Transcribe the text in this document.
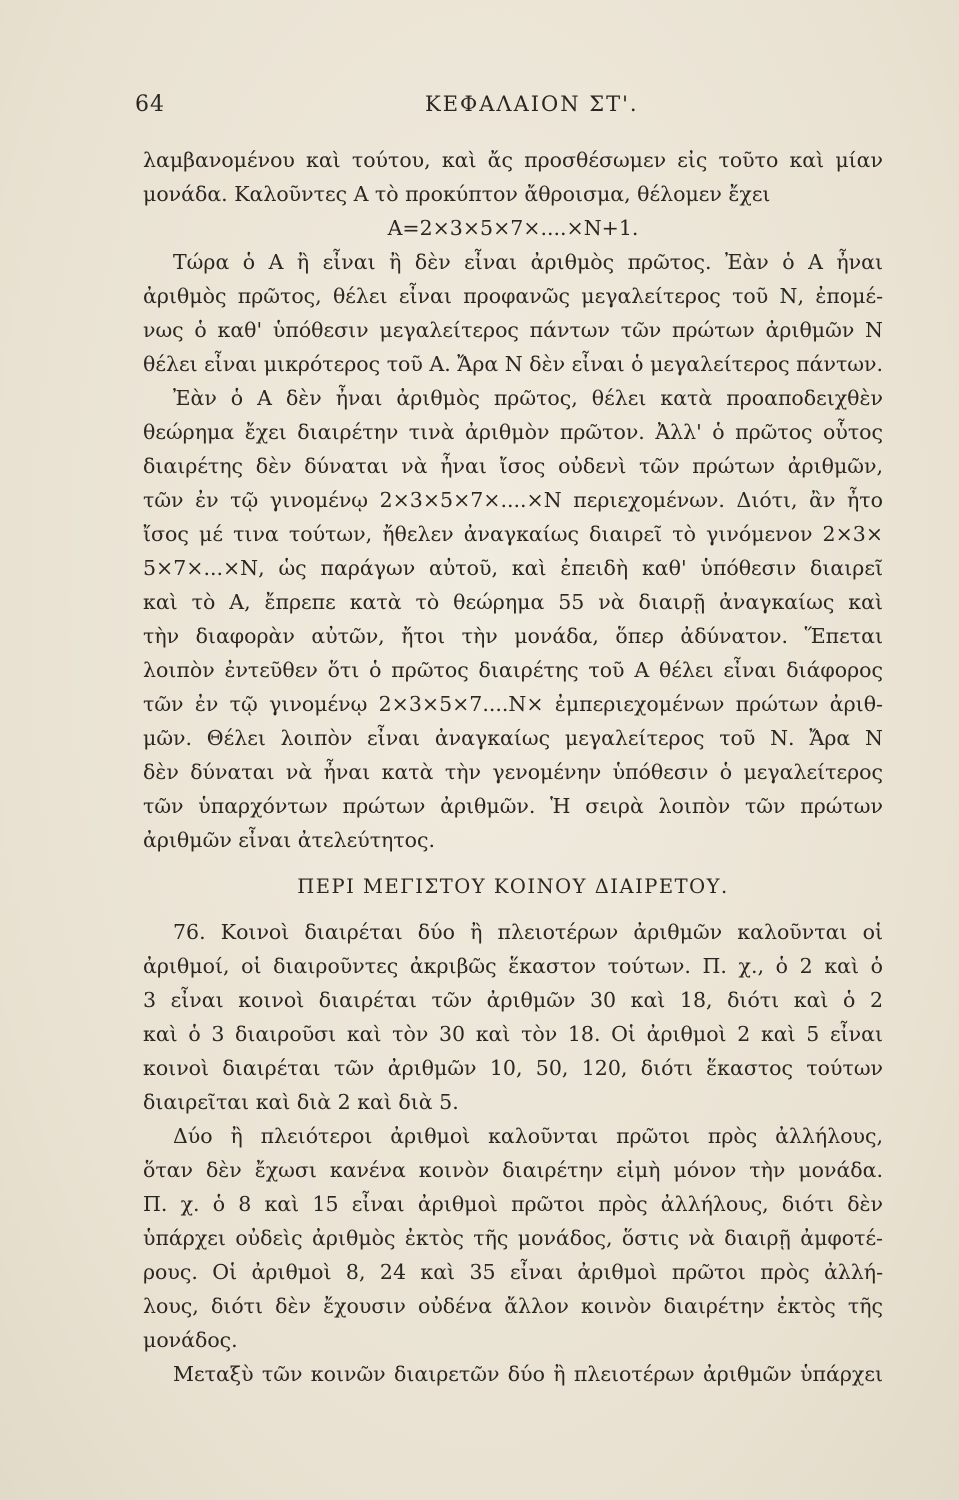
64	ΚΕΦΑΛΑΙΟΝ ΣΤ'.
λαμβανομένου καὶ τούτου, καὶ ἄς προσθέσωμεν εἰς τοῦτο καὶ μίαν
μονάδα. Καλοῦντες Α τὸ προκύπτον ἄθροισμα, θέλομεν ἔχει
Α=2×3×5×7×....×Ν+1.
Τώρα ὁ Α ἢ εἶναι ἢ δὲν εἶναι ἀριθμὸς πρῶτος. Ἐὰν ὁ Α ἦναι
ἀριθμὸς πρῶτος, θέλει εἶναι προφανῶς μεγαλείτερος τοῦ Ν, ἐπομέ-
νως ὁ καθ' ὑπόθεσιν μεγαλείτερος πάντων τῶν πρώτων ἀριθμῶν Ν
θέλει εἶναι μικρότερος τοῦ Α. Ἄρα Ν δὲν εἶναι ὁ μεγαλείτερος πάντων.
Ἐὰν ὁ Α δὲν ἦναι ἀριθμὸς πρῶτος, θέλει κατὰ προαποδειχθὲν
θεώρημα ἔχει διαιρέτην τινὰ ἀριθμὸν πρῶτον. Ἀλλ' ὁ πρῶτος οὗτος
διαιρέτης δὲν δύναται νὰ ἦναι ἴσος οὐδενὶ τῶν πρώτων ἀριθμῶν,
τῶν ἐν τῷ γινομένῳ 2×3×5×7×....×Ν περιεχομένων. Διότι, ἂν ἦτο
ἴσος μέ τινα τούτων, ἤθελεν ἀναγκαίως διαιρεῖ τὸ γινόμενον 2×3×
5×7×...×Ν, ὡς παράγων αὐτοῦ, καὶ ἐπειδὴ καθ' ὑπόθεσιν διαιρεῖ
καὶ τὸ Α, ἔπρεπε κατὰ τὸ θεώρημα 55 νὰ διαιρῇ ἀναγκαίως καὶ
τὴν διαφορὰν αὐτῶν, ἤτοι τὴν μονάδα, ὅπερ ἀδύνατον. Ἕπεται
λοιπὸν ἐντεῦθεν ὅτι ὁ πρῶτος διαιρέτης τοῦ Α θέλει εἶναι διάφορος
τῶν ἐν τῷ γινομένῳ 2×3×5×7....Ν× ἐμπεριεχομένων πρώτων ἀριθ-
μῶν. Θέλει λοιπὸν εἶναι ἀναγκαίως μεγαλείτερος τοῦ Ν. Ἄρα Ν
δὲν δύναται νὰ ἦναι κατὰ τὴν γενομένην ὑπόθεσιν ὁ μεγαλείτερος
τῶν ὑπαρχόντων πρώτων ἀριθμῶν. Ἡ σειρὰ λοιπὸν τῶν πρώτων
ἀριθμῶν εἶναι ἀτελεύτητος.
ΠΕΡΙ ΜΕΓΙΣΤΟΥ ΚΟΙΝΟΥ ΔΙΑΙΡΕΤΟΥ.
76. Κοινοὶ διαιρέται δύο ἢ πλειοτέρων ἀριθμῶν καλοῦνται οἱ
ἀριθμοί, οἱ διαιροῦντες ἀκριβῶς ἕκαστον τούτων. Π. χ., ὁ 2 καὶ ὁ
3 εἶναι κοινοὶ διαιρέται τῶν ἀριθμῶν 30 καὶ 18, διότι καὶ ὁ 2
καὶ ὁ 3 διαιροῦσι καὶ τὸν 30 καὶ τὸν 18. Οἱ ἀριθμοὶ 2 καὶ 5 εἶναι
κοινοὶ διαιρέται τῶν ἀριθμῶν 10, 50, 120, διότι ἕκαστος τούτων
διαιρεῖται καὶ διὰ 2 καὶ διὰ 5.
Δύο ἢ πλειότεροι ἀριθμοὶ καλοῦνται πρῶτοι πρὸς ἀλλήλους,
ὅταν δὲν ἔχωσι κανένα κοινὸν διαιρέτην εἰμὴ μόνον τὴν μονάδα.
Π. χ. ὁ 8 καὶ 15 εἶναι ἀριθμοὶ πρῶτοι πρὸς ἀλλήλους, διότι δὲν
ὑπάρχει οὐδεὶς ἀριθμὸς ἐκτὸς τῆς μονάδος, ὅστις νὰ διαιρῇ ἀμφοτέ-
ρους. Οἱ ἀριθμοὶ 8, 24 καὶ 35 εἶναι ἀριθμοὶ πρῶτοι πρὸς ἀλλή-
λους, διότι δὲν ἔχουσιν οὐδένα ἄλλον κοινὸν διαιρέτην ἐκτὸς τῆς
μονάδος.
Μεταξὺ τῶν κοινῶν διαιρετῶν δύο ἢ πλειοτέρων ἀριθμῶν ὑπάρχει
